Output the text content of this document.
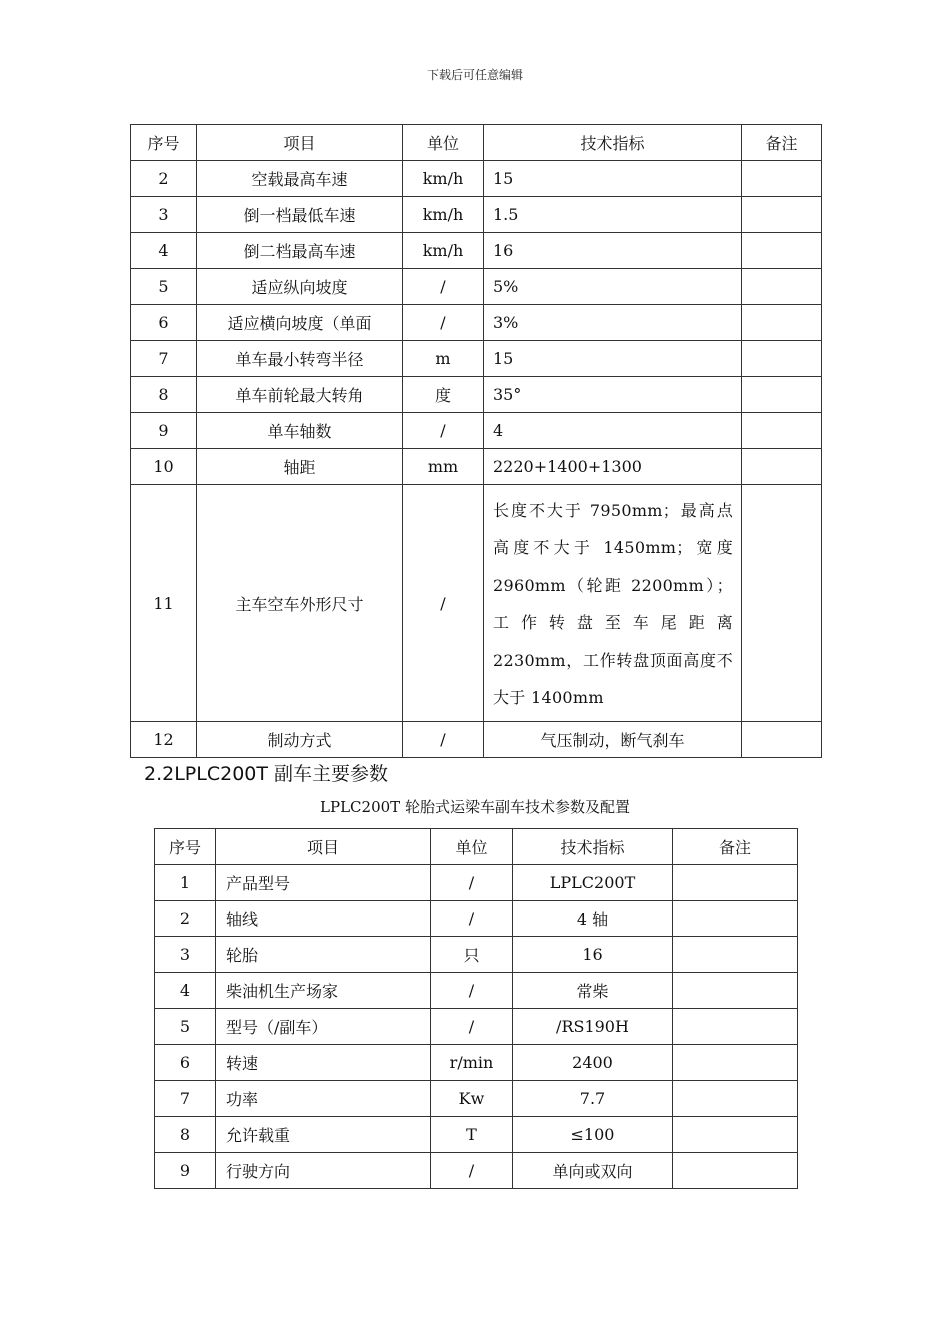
下载后可任意编辑
序号	项目	单位	技术指标	备注
2	空载最高车速	km/h	15	
3	倒一档最低车速	km/h	1.5	
4	倒二档最高车速	km/h	16	
5	适应纵向坡度	/	5%	
6	适应横向坡度（单面	/	3%	
7	单车最小转弯半径	m	15	
8	单车前轮最大转角	度	35°	
9	单车轴数	/	4	
10	轴距	mm	2220+1400+1300	
11	主车空车外形尺寸	/	长度不大于 7950mm；最高点高度不大于 1450mm；宽度 2960mm（轮距 2200mm）；工作转盘至车尾距离 2230mm，工作转盘顶面高度不大于 1400mm	
12	制动方式	/	气压制动，断气刹车	
2.2LPLC200T 副车主要参数
LPLC200T 轮胎式运梁车副车技术参数及配置
序号	项目	单位	技术指标	备注
1	产品型号	/	LPLC200T	
2	轴线	/	4 轴	
3	轮胎	只	16	
4	柴油机生产场家	/	常柴	
5	型号（/副车）	/	/RS190H	
6	转速	r/min	2400	
7	功率	Kw	7.7	
8	允许载重	T	≤100	
9	行驶方向	/	单向或双向	
